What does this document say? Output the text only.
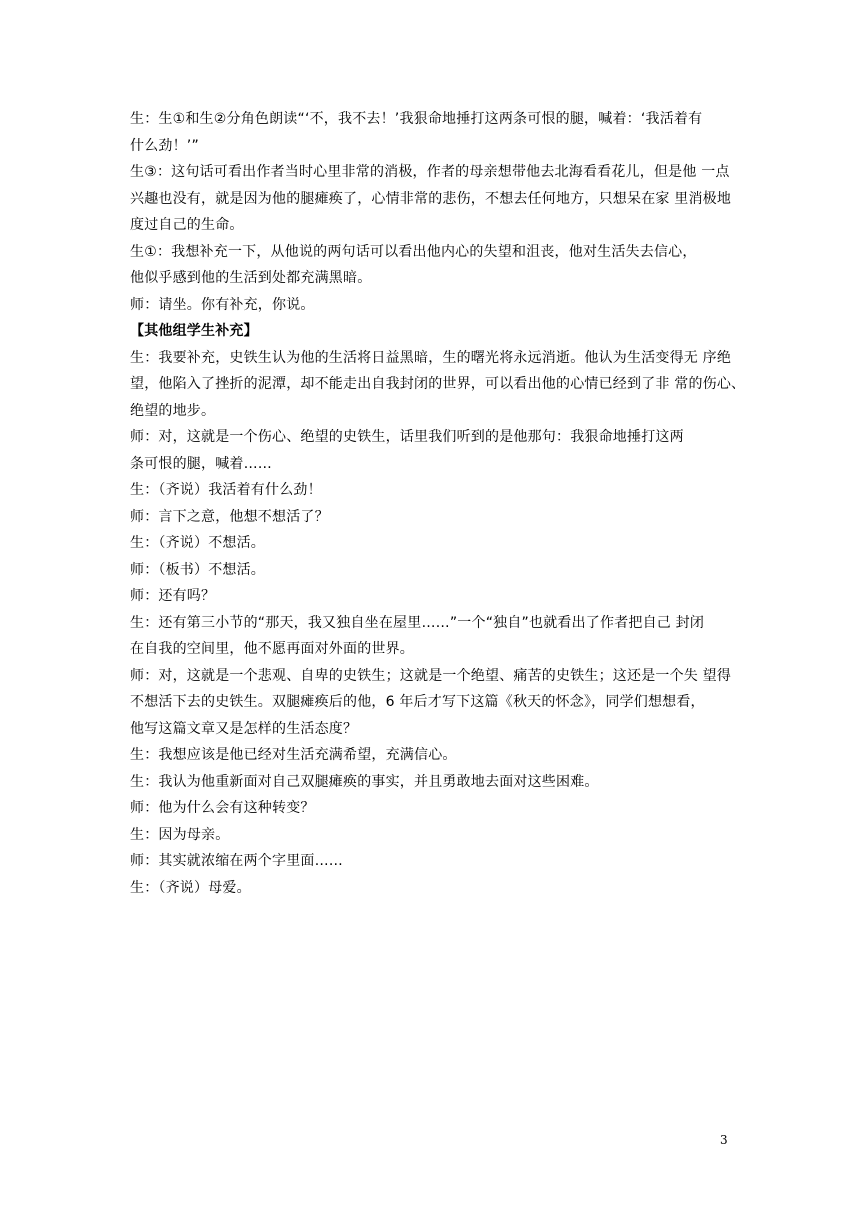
生：生①和生②分角色朗读“‘不，我不去！’我狠命地捶打这两条可恨的腿，喊着：‘我活着有
什么劲！’”
生③：这句话可看出作者当时心里非常的消极，作者的母亲想带他去北海看看花儿，但是他 一点
兴趣也没有，就是因为他的腿瘫痪了，心情非常的悲伤，不想去任何地方，只想呆在家 里消极地
度过自己的生命。
生①：我想补充一下，从他说的两句话可以看出他内心的失望和沮丧，他对生活失去信心，
他似乎感到他的生活到处都充满黑暗。
师：请坐。你有补充，你说。
【其他组学生补充】
生：我要补充，史铁生认为他的生活将日益黑暗，生的曙光将永远消逝。他认为生活变得无 序绝
望，他陷入了挫折的泥潭，却不能走出自我封闭的世界，可以看出他的心情已经到了非 常的伤心、
绝望的地步。
师：对，这就是一个伤心、绝望的史铁生，话里我们听到的是他那句：我狠命地捶打这两
条可恨的腿，喊着……
生：（齐说）我活着有什么劲！
师：言下之意，他想不想活了？
生：（齐说）不想活。
师：（板书）不想活。
师：还有吗？
生：还有第三小节的“那天，我又独自坐在屋里……”一个“独自”也就看出了作者把自己 封闭
在自我的空间里，他不愿再面对外面的世界。
师：对，这就是一个悲观、自卑的史铁生；这就是一个绝望、痛苦的史铁生；这还是一个失 望得
不想活下去的史铁生。双腿瘫痪后的他，6 年后才写下这篇《秋天的怀念》，同学们想想看，
他写这篇文章又是怎样的生活态度？
生：我想应该是他已经对生活充满希望，充满信心。
生：我认为他重新面对自己双腿瘫痪的事实，并且勇敢地去面对这些困难。
师：他为什么会有这种转变？
生：因为母亲。
师：其实就浓缩在两个字里面……
生：（齐说）母爱。
3
